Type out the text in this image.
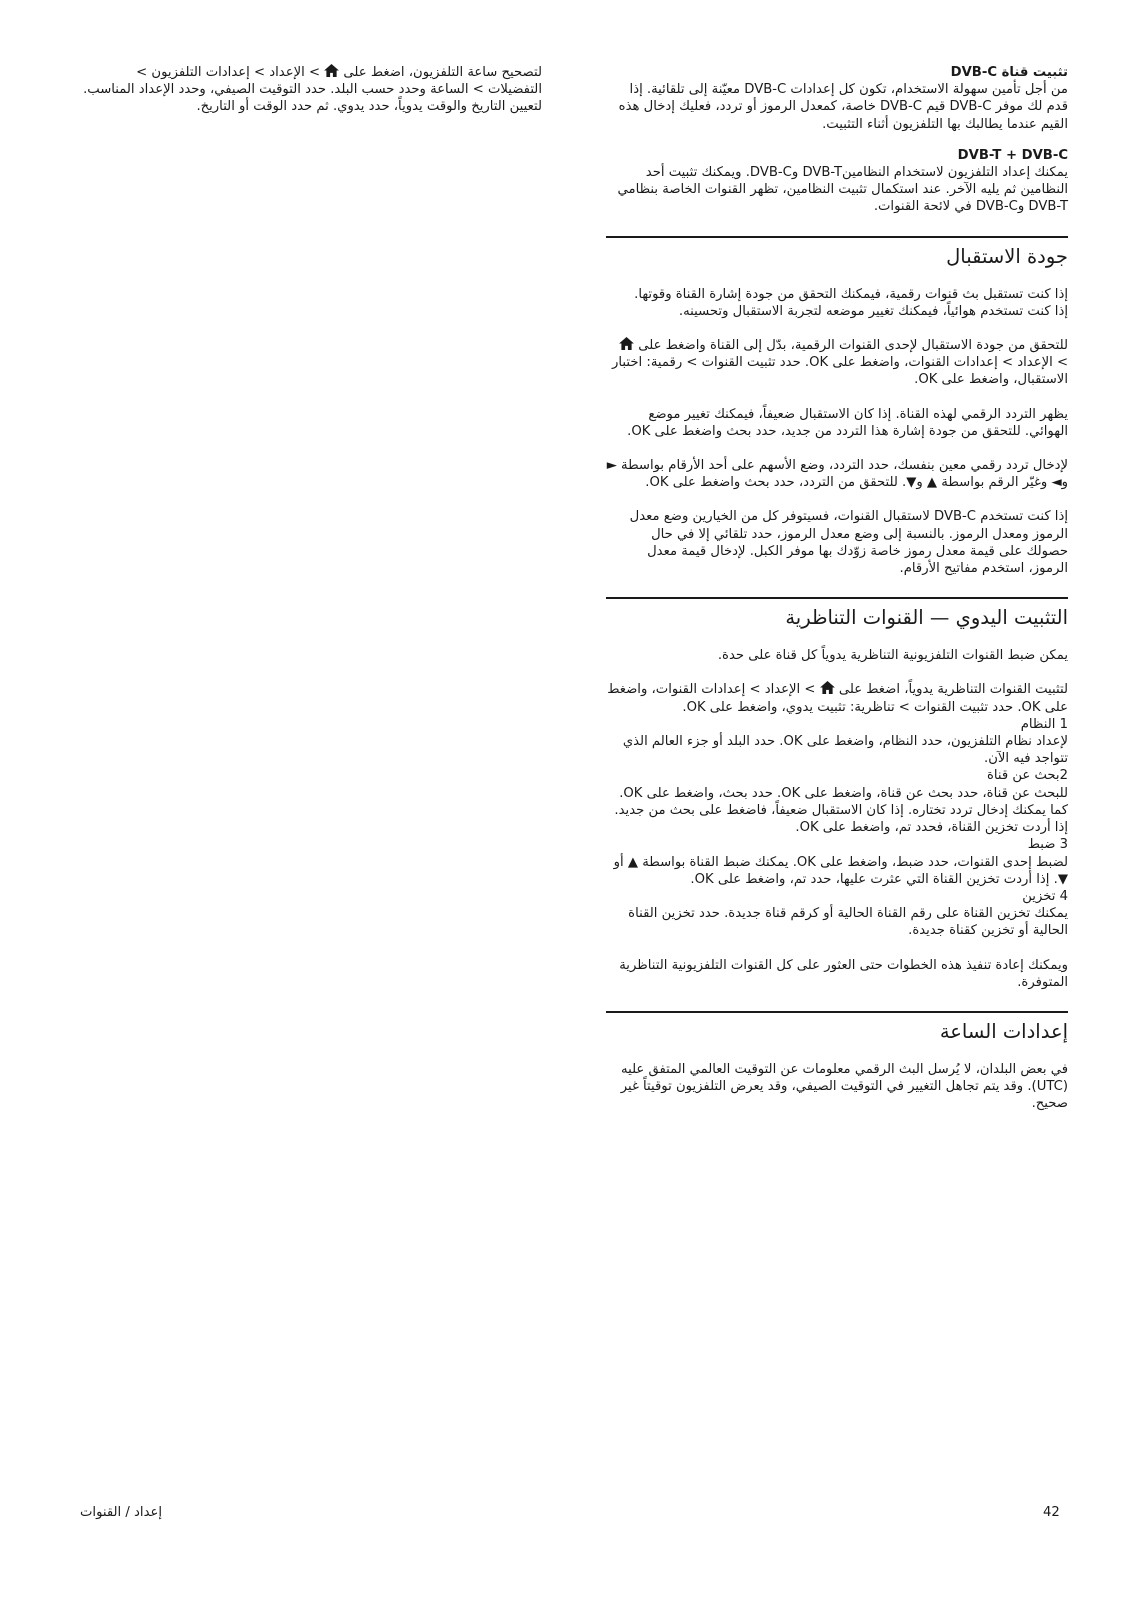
تثبيت قناة DVB-C

من أجل تأمين سهولة الاستخدام، تكون كل إعدادات DVB-C معيّنة إلى تلقائية. إذا قدم لك موفر DVB-C قيم DVB-C خاصة، كمعدل الرموز أو تردد، فعليك إدخال هذه القيم عندما يطالبك بها التلفزيون أثناء التثبيت.

DVB-T + DVB-C

يمكنك إعداد التلفزيون لاستخدام النظامينDVB-T وDVB-C. ويمكنك تثبيت أحد النظامين ثم يليه الآخر. عند استكمال تثبيت النظامين، تظهر القنوات الخاصة بنظامي DVB-T وDVB-C في لائحة القنوات.

جودة الاستقبال

إذا كنت تستقبل بث قنوات رقمية، فيمكنك التحقق من جودة إشارة القناة وقوتها.

إذا كنت تستخدم هوائياً، فيمكنك تغيير موضعه لتجربة الاستقبال وتحسينه.

للتحقق من جودة الاستقبال لإحدى القنوات الرقمية، بدّل إلى القناة واضغط على  > الإعداد > إعدادات القنوات، واضغط على OK. حدد تثبيت القنوات > رقمية: اختبار الاستقبال، واضغط على OK.

يظهر التردد الرقمي لهذه القناة. إذا كان الاستقبال ضعيفاً، فيمكنك تغيير موضع الهوائي. للتحقق من جودة إشارة هذا التردد من جديد، حدد بحث واضغط على OK.

لإدخال تردد رقمي معين بنفسك، حدد التردد، وضع الأسهم على أحد الأرقام بواسطة ► و◄ وغيّر الرقم بواسطة ▲ و▼. للتحقق من التردد، حدد بحث واضغط على OK.

إذا كنت تستخدم DVB-C لاستقبال القنوات، فسيتوفر كل من الخيارين وضع معدل الرموز ومعدل الرموز. بالنسبة إلى وضع معدل الرموز، حدد تلقائي إلا في حال حصولك على قيمة معدل رموز خاصة زوّدك بها موفر الكبل. لإدخال قيمة معدل الرموز، استخدم مفاتيح الأرقام.

التثبيت اليدوي — القنوات التناظرية

يمكن ضبط القنوات التلفزيونية التناظرية يدوياً كل قناة على حدة.

لتثبيت القنوات التناظرية يدوياً، اضغط على  > الإعداد > إعدادات القنوات، واضغط على OK. حدد تثبيت القنوات > تناظرية: تثبيت يدوي، واضغط على OK.

1 النظام

لإعداد نظام التلفزيون، حدد النظام، واضغط على OK. حدد البلد أو جزء العالم الذي تتواجد فيه الآن.

2بحث عن قناة

للبحث عن قناة، حدد بحث عن قناة، واضغط على OK. حدد بحث، واضغط على OK. كما يمكنك إدخال تردد تختاره. إذا كان الاستقبال ضعيفاً، فاضغط على بحث من جديد. إذا أردت تخزين القناة، فحدد تم، واضغط على OK.

3 ضبط

لضبط إحدى القنوات، حدد ضبط، واضغط على OK. يمكنك ضبط القناة بواسطة ▲ أو ▼. إذا أردت تخزين القناة التي عثرت عليها، حدد تم، واضغط على OK.

4 تخزين

يمكنك تخزين القناة على رقم القناة الحالية أو كرقم قناة جديدة. حدد تخزين القناة الحالية أو تخزين كقناة جديدة.

ويمكنك إعادة تنفيذ هذه الخطوات حتى العثور على كل القنوات التلفزيونية التناظرية المتوفرة.

إعدادات الساعة

في بعض البلدان، لا يُرسل البث الرقمي معلومات عن التوقيت العالمي المتفق عليه (UTC). وقد يتم تجاهل التغيير في التوقيت الصيفي، وقد يعرض التلفزيون توقيتاً غير صحيح.

لتصحيح ساعة التلفزيون، اضغط على  > الإعداد > إعدادات التلفزيون > التفضيلات > الساعة وحدد حسب البلد. حدد التوقيت الصيفي، وحدد الإعداد المناسب.

لتعيين التاريخ والوقت يدوياً، حدد يدوي. ثم حدد الوقت أو التاريخ.

42
إعداد / القنوات
